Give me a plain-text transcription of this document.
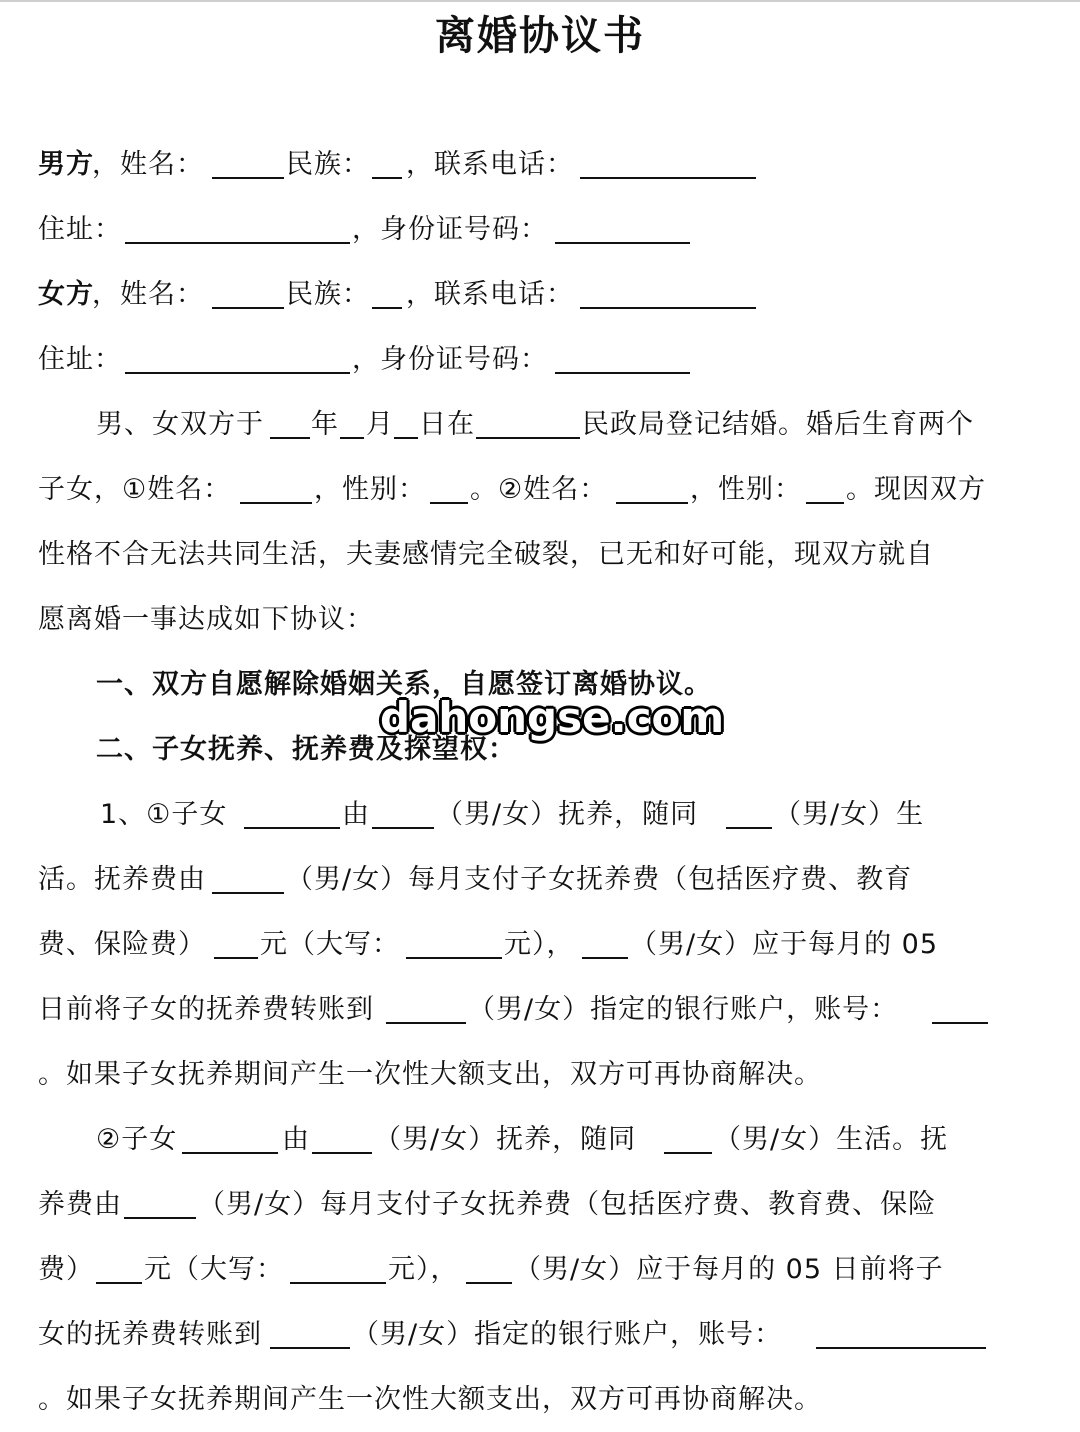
离婚协议书
男方
，姓名：	民族： ，联系电话：
住址：	，身份证号码：
女方
，姓名：	民族： ，联系电话：
住址：	，身份证号码：
男、女双方于 年 月 日在	民政局登记结婚。婚后生育两个
子女，①姓名：	，性别： 。②姓名：	，性别： 。现因双方
性格不合无法共同生活，夫妻感情完全破裂，已无和好可能，现双方就自
愿离婚一事达成如下协议：
一、双方自愿解除婚姻关系，自愿签订离婚协议。
二、子女抚养、抚养费及探望权：
dahongse.com
1、①子女	由 （男/女）抚养，随同	（男/女）生
活。抚养费由	（男/女）每月支付子女抚养费（包括医疗费、教育
费、保险费） 元（大写：	元）， （男/女）应于每月的 05
日前将子女的抚养费转账到	（男/女）指定的银行账户，账号：
。如果子女抚养期间产生一次性大额支出，双方可再协商解决。
②子女	由 （男/女）抚养，随同	（男/女）生活。抚
养费由	（男/女）每月支付子女抚养费（包括医疗费、教育费、保险
费） 元（大写：	元）， （男/女）应于每月的 05 日前将子
女的抚养费转账到	（男/女）指定的银行账户，账号：
。如果子女抚养期间产生一次性大额支出，双方可再协商解决。
